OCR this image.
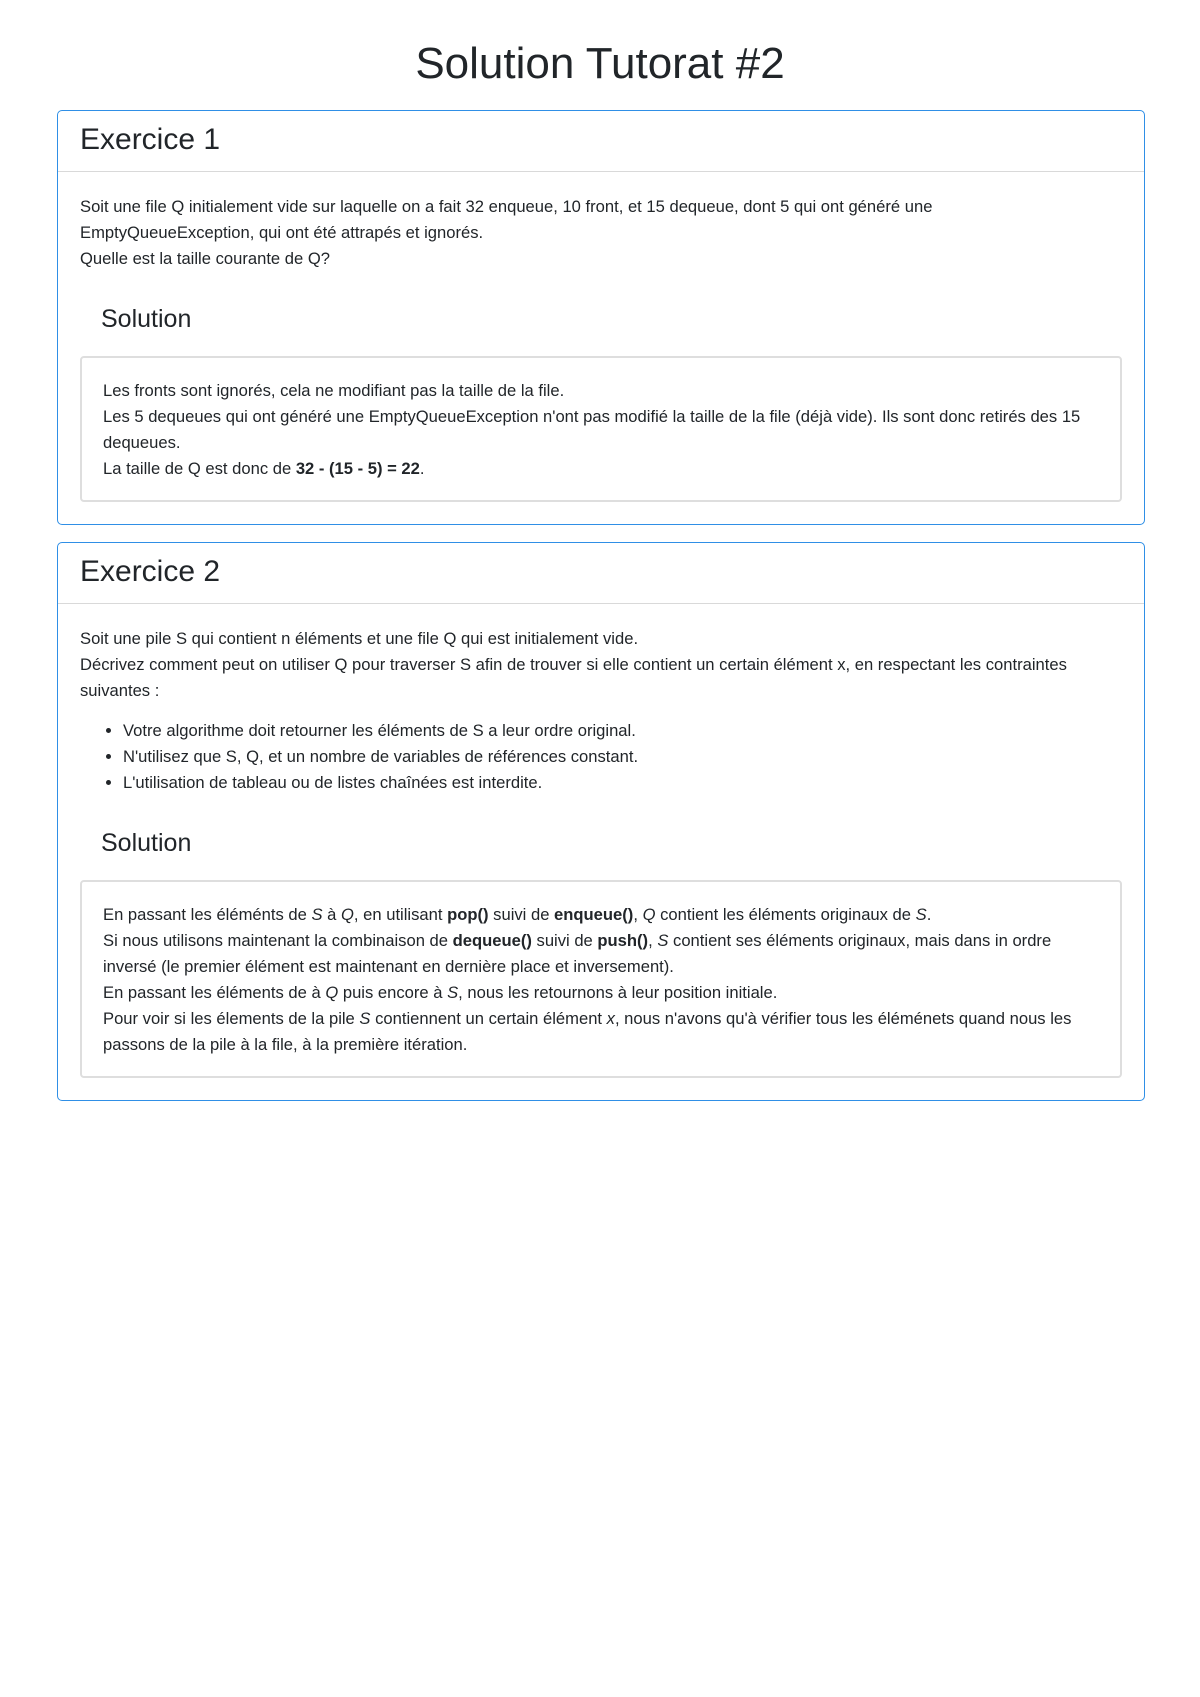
Solution Tutorat #2
Exercice 1

Soit une file Q initialement vide sur laquelle on a fait 32 enqueue, 10 front, et 15 dequeue, dont 5 qui ont généré une
EmptyQueueException, qui ont été attrapés et ignorés.
Quelle est la taille courante de Q?

Solution
Les fronts sont ignorés, cela ne modifiant pas la taille de la file.
Les 5 dequeues qui ont généré une EmptyQueueException n'ont pas modifié la taille de la file (déjà vide). Ils sont donc retirés des 15 dequeues.
La taille de Q est donc de 32 - (15 - 5) = 22.
Exercice 2

Soit une pile S qui contient n éléments et une file Q qui est initialement vide.
Décrivez comment peut on utiliser Q pour traverser S afin de trouver si elle contient un certain élément x, en respectant les contraintes suivantes :

• Votre algorithme doit retourner les éléments de S a leur ordre original.
• N'utilisez que S, Q, et un nombre de variables de références constant.
• L'utilisation de tableau ou de listes chaînées est interdite.
Solution
En passant les éléménts de S à Q, en utilisant pop() suivi de enqueue(), Q contient les éléments originaux de S.
Si nous utilisons maintenant la combinaison de dequeue() suivi de push(), S contient ses éléments originaux, mais dans in ordre inversé (le premier élément est maintenant en dernière place et inversement).
En passant les éléments de à Q puis encore à S, nous les retournons à leur position initiale.
Pour voir si les élements de la pile S contiennent un certain élément x, nous n'avons qu'à vérifier tous les éléménets quand nous les passons de la pile à la file, à la première itération.
